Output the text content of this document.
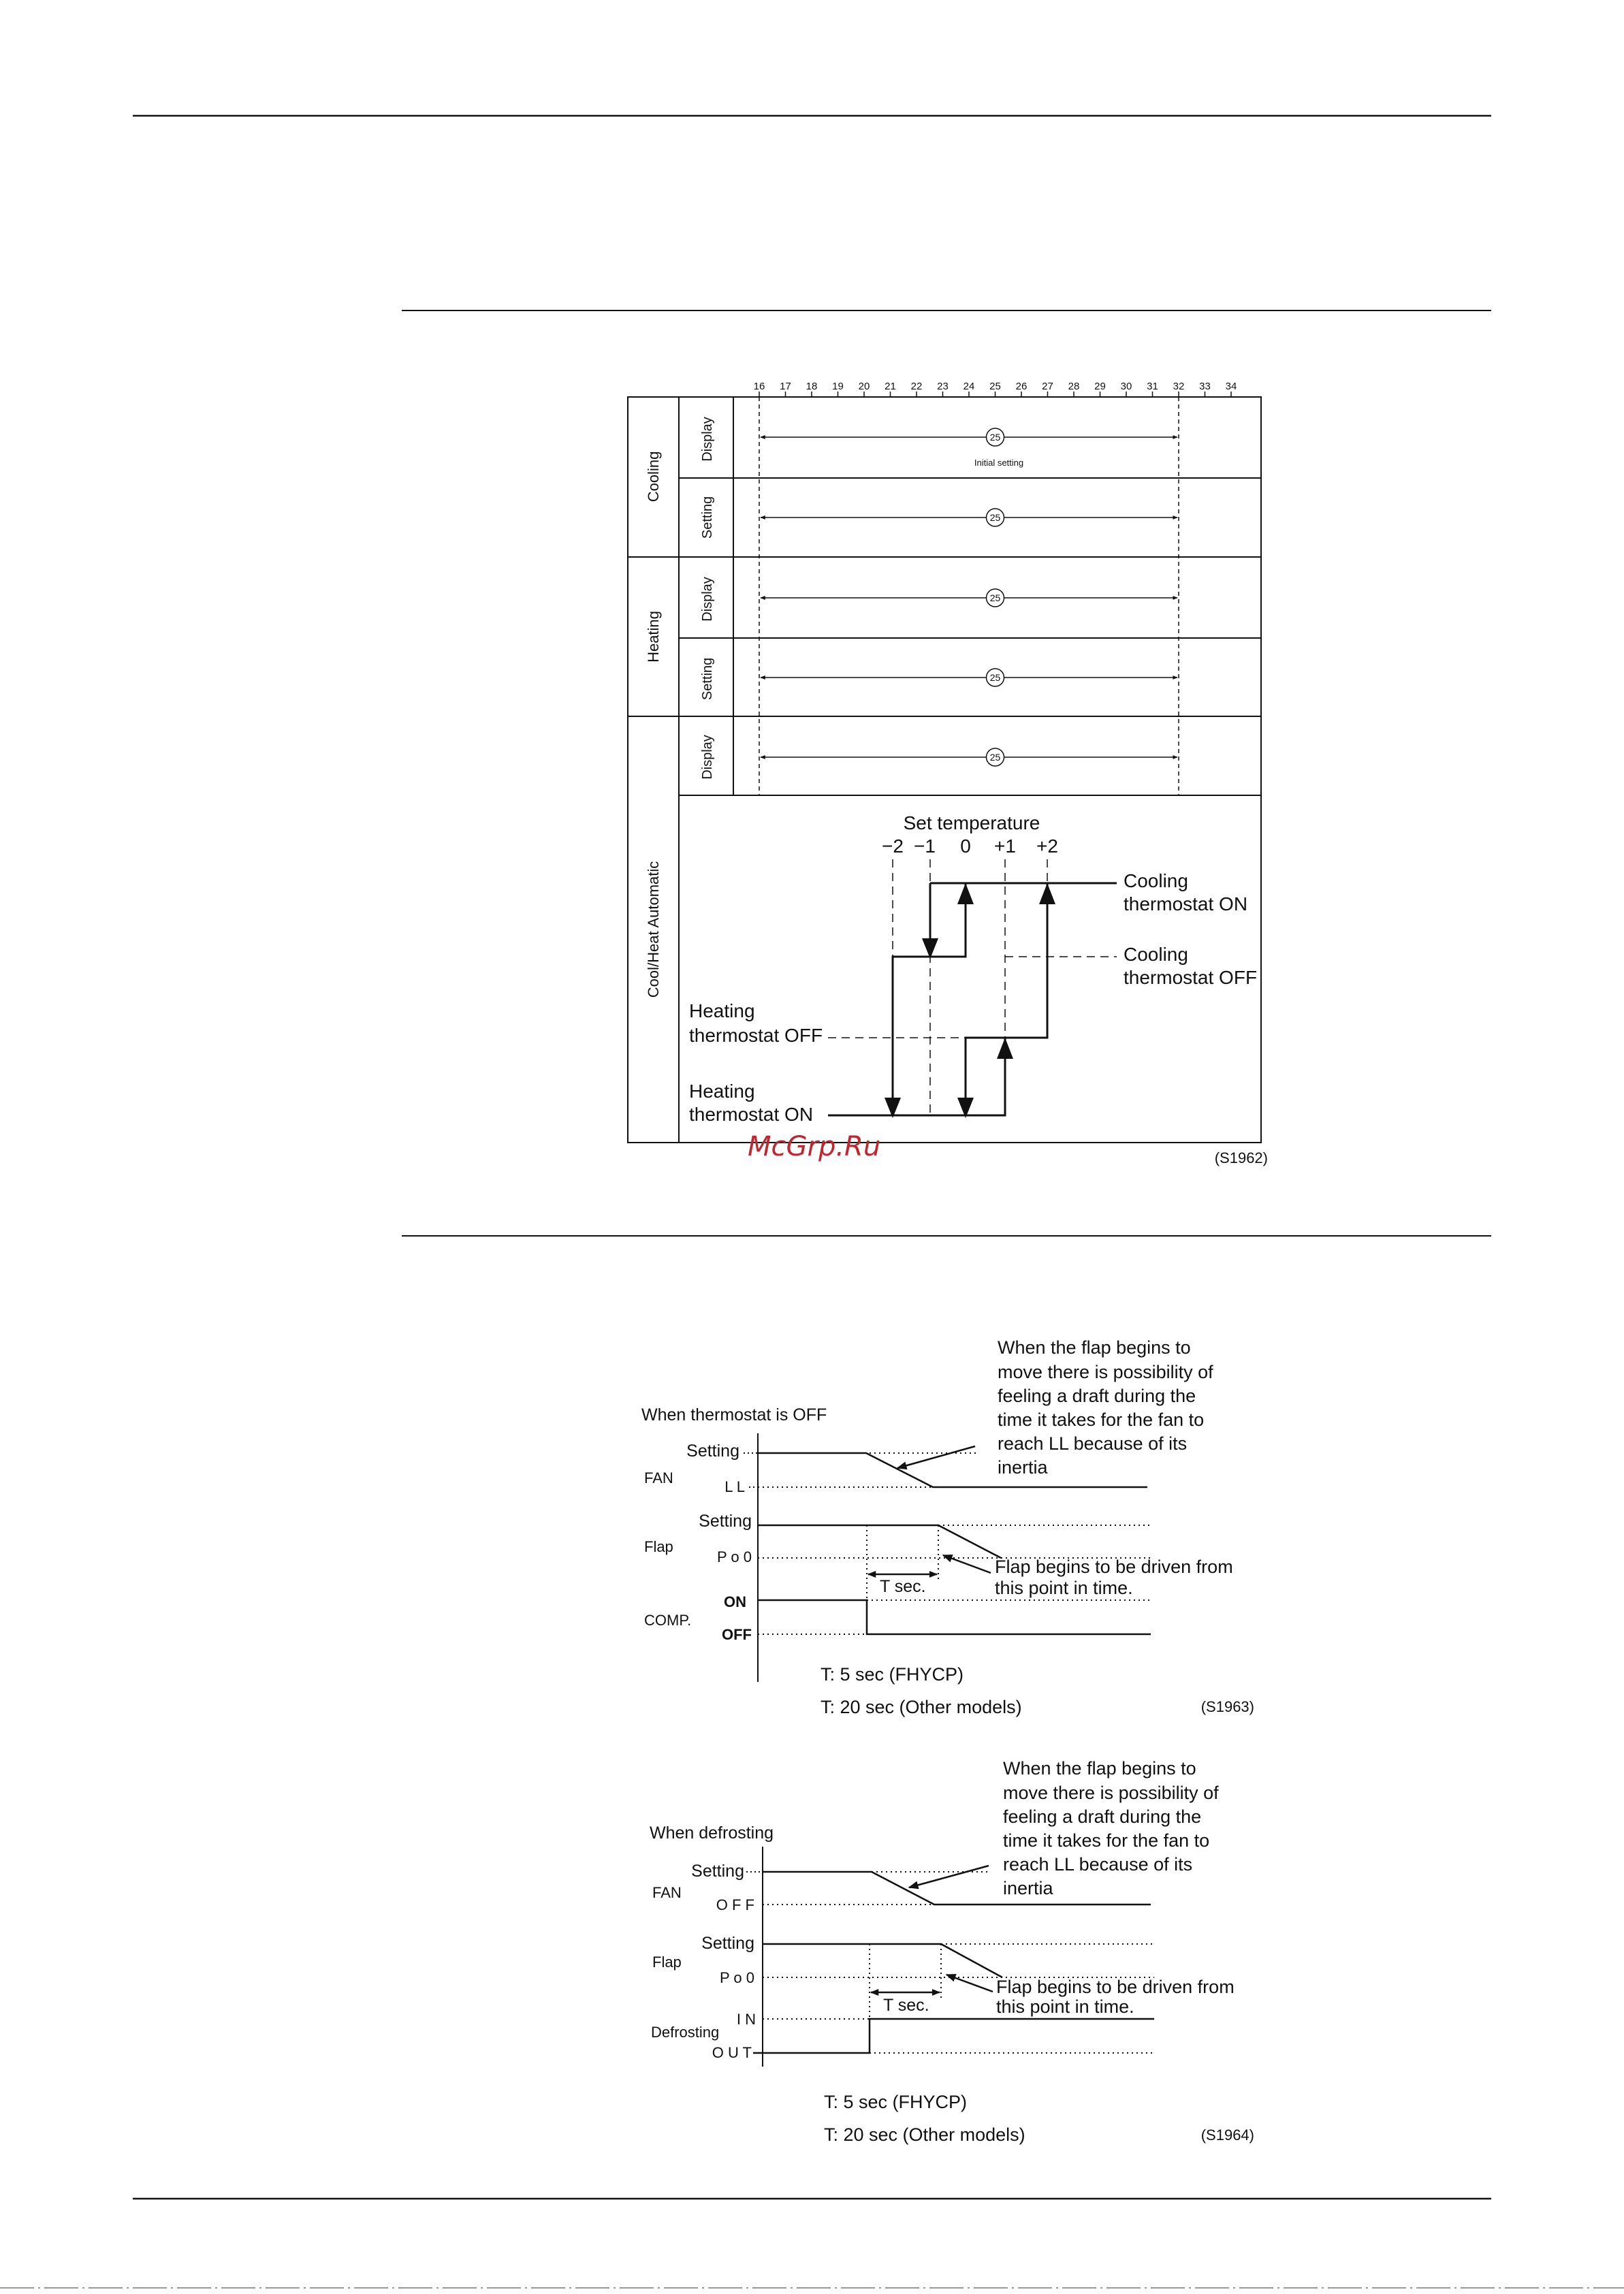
16 17 18 19 20 21 22 23 24 25 26 27 28 29 30 31 32 33 34
Cooling
Heating
Cool/Heat Automatic
Display
Setting
Display
Setting
Display
25
25
25
25
25
Initial setting
Set temperature
−2 −1 0 +1 +2
Cooling
thermostat ON
Cooling
thermostat OFF
Heating
thermostat OFF
Heating
thermostat ON
McGrp.Ru	(S1962)
When thermostat is OFF
When the flap begins to
move there is possibility of
feeling a draft during the
time it takes for the fan to
reach LL because of its
inertia
FAN
Setting
L L
Flap
Setting
P o 0
T sec.
Flap begins to be driven from
this point in time.
COMP.
ON
OFF
T: 5 sec (FHYCP)
T: 20 sec (Other models)	(S1963)
When defrosting
When the flap begins to
move there is possibility of
feeling a draft during the
time it takes for the fan to
reach LL because of its
inertia
FAN
Setting
O F F
Flap
Setting
P o 0
T sec.
Flap begins to be driven from
this point in time.
Defrosting
I N
O U T
T: 5 sec (FHYCP)
T: 20 sec (Other models)	(S1964)
